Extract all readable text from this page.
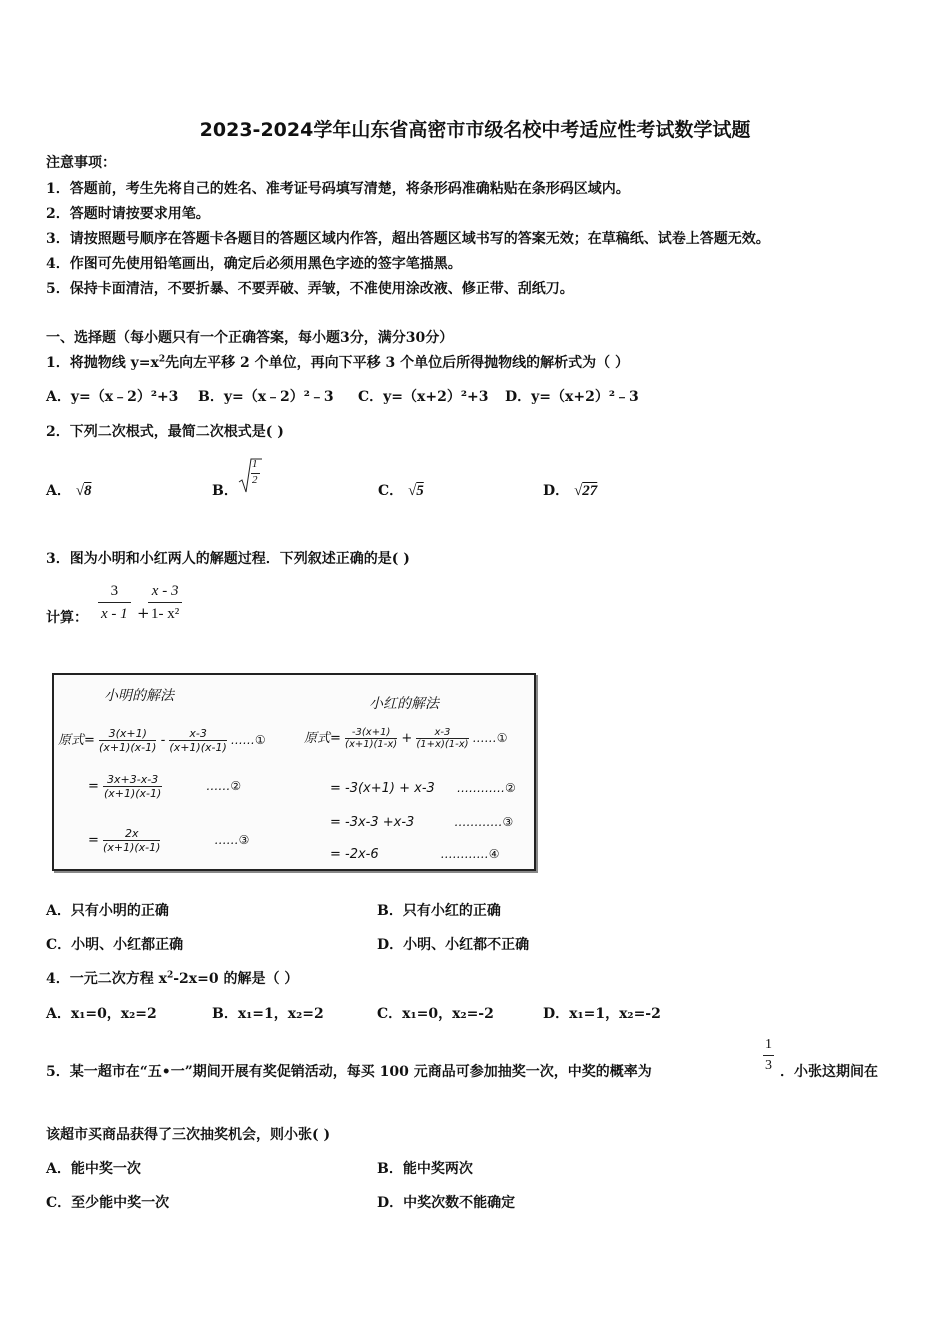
2023-2024学年山东省高密市市级名校中考适应性考试数学试题
注意事项：
1．答题前，考生先将自己的姓名、准考证号码填写清楚，将条形码准确粘贴在条形码区域内。
2．答题时请按要求用笔。
3．请按照题号顺序在答题卡各题目的答题区域内作答，超出答题区域书写的答案无效；在草稿纸、试卷上答题无效。
4．作图可先使用铅笔画出，确定后必须用黑色字迹的签字笔描黑。
5．保持卡面清洁，不要折暴、不要弄破、弄皱，不准使用涂改液、修正带、刮纸刀。
一、选择题（每小题只有一个正确答案，每小题3分，满分30分）
1．将抛物线 $y=x^2$先向左平移 2 个单位，再向下平移 3 个单位后所得抛物线的解析式为（ ）
A．y=（x﹣2）²+3 B．y=（x﹣2）²﹣3 C．y=（x+2）²+3 D．y=（x+2）²﹣3
2．下列二次根式，最简二次根式是( )
A． √8	B．
1
2
C． √5	D． √27
3．图为小明和小红两人的解题过程．下列叙述正确的是( )
计算： $\frac{3}{x - 1}$ +
$\frac{x - 3}{\text{1- x²}}$
小明的解法	小红的解法
原式= $\frac{3(x+1)}{(x+1)(x-1)} - \frac{x-3}{(x+1)(x-1)}$ ……①
= $\frac{3x+3-x-3}{(x+1)(x-1)}$	……②
= $\frac{2x}{(x+1)(x-1)}$	……③
原式= $\frac{-3(x+1)}{(x+1)(1-x)} + \frac{x-3}{(1+x)(1-x)}$ ……①
= -3(x+1) + x-3 …………②
= -3x-3 +x-3	…………③
= -2x-6	…………④
A．只有小明的正确	B．只有小红的正确
C．小明、小红都正确	D．小明、小红都不正确
4．一元二次方程 $x^2-2x=0$ 的解是（ ）
A．x₁=0，x₂=2	B．x₁=1，x₂=2	C．x₁=0，x₂=-2	D．x₁=1，x₂=-2
5．某一超市在“五•一”期间开展有奖促销活动，每买 100 元商品可参加抽奖一次，中奖的概率为	$\frac{1}{3}$ ．小张这期间在
该超市买商品获得了三次抽奖机会，则小张( )
A．能中奖一次	B．能中奖两次
C．至少能中奖一次	D．中奖次数不能确定
